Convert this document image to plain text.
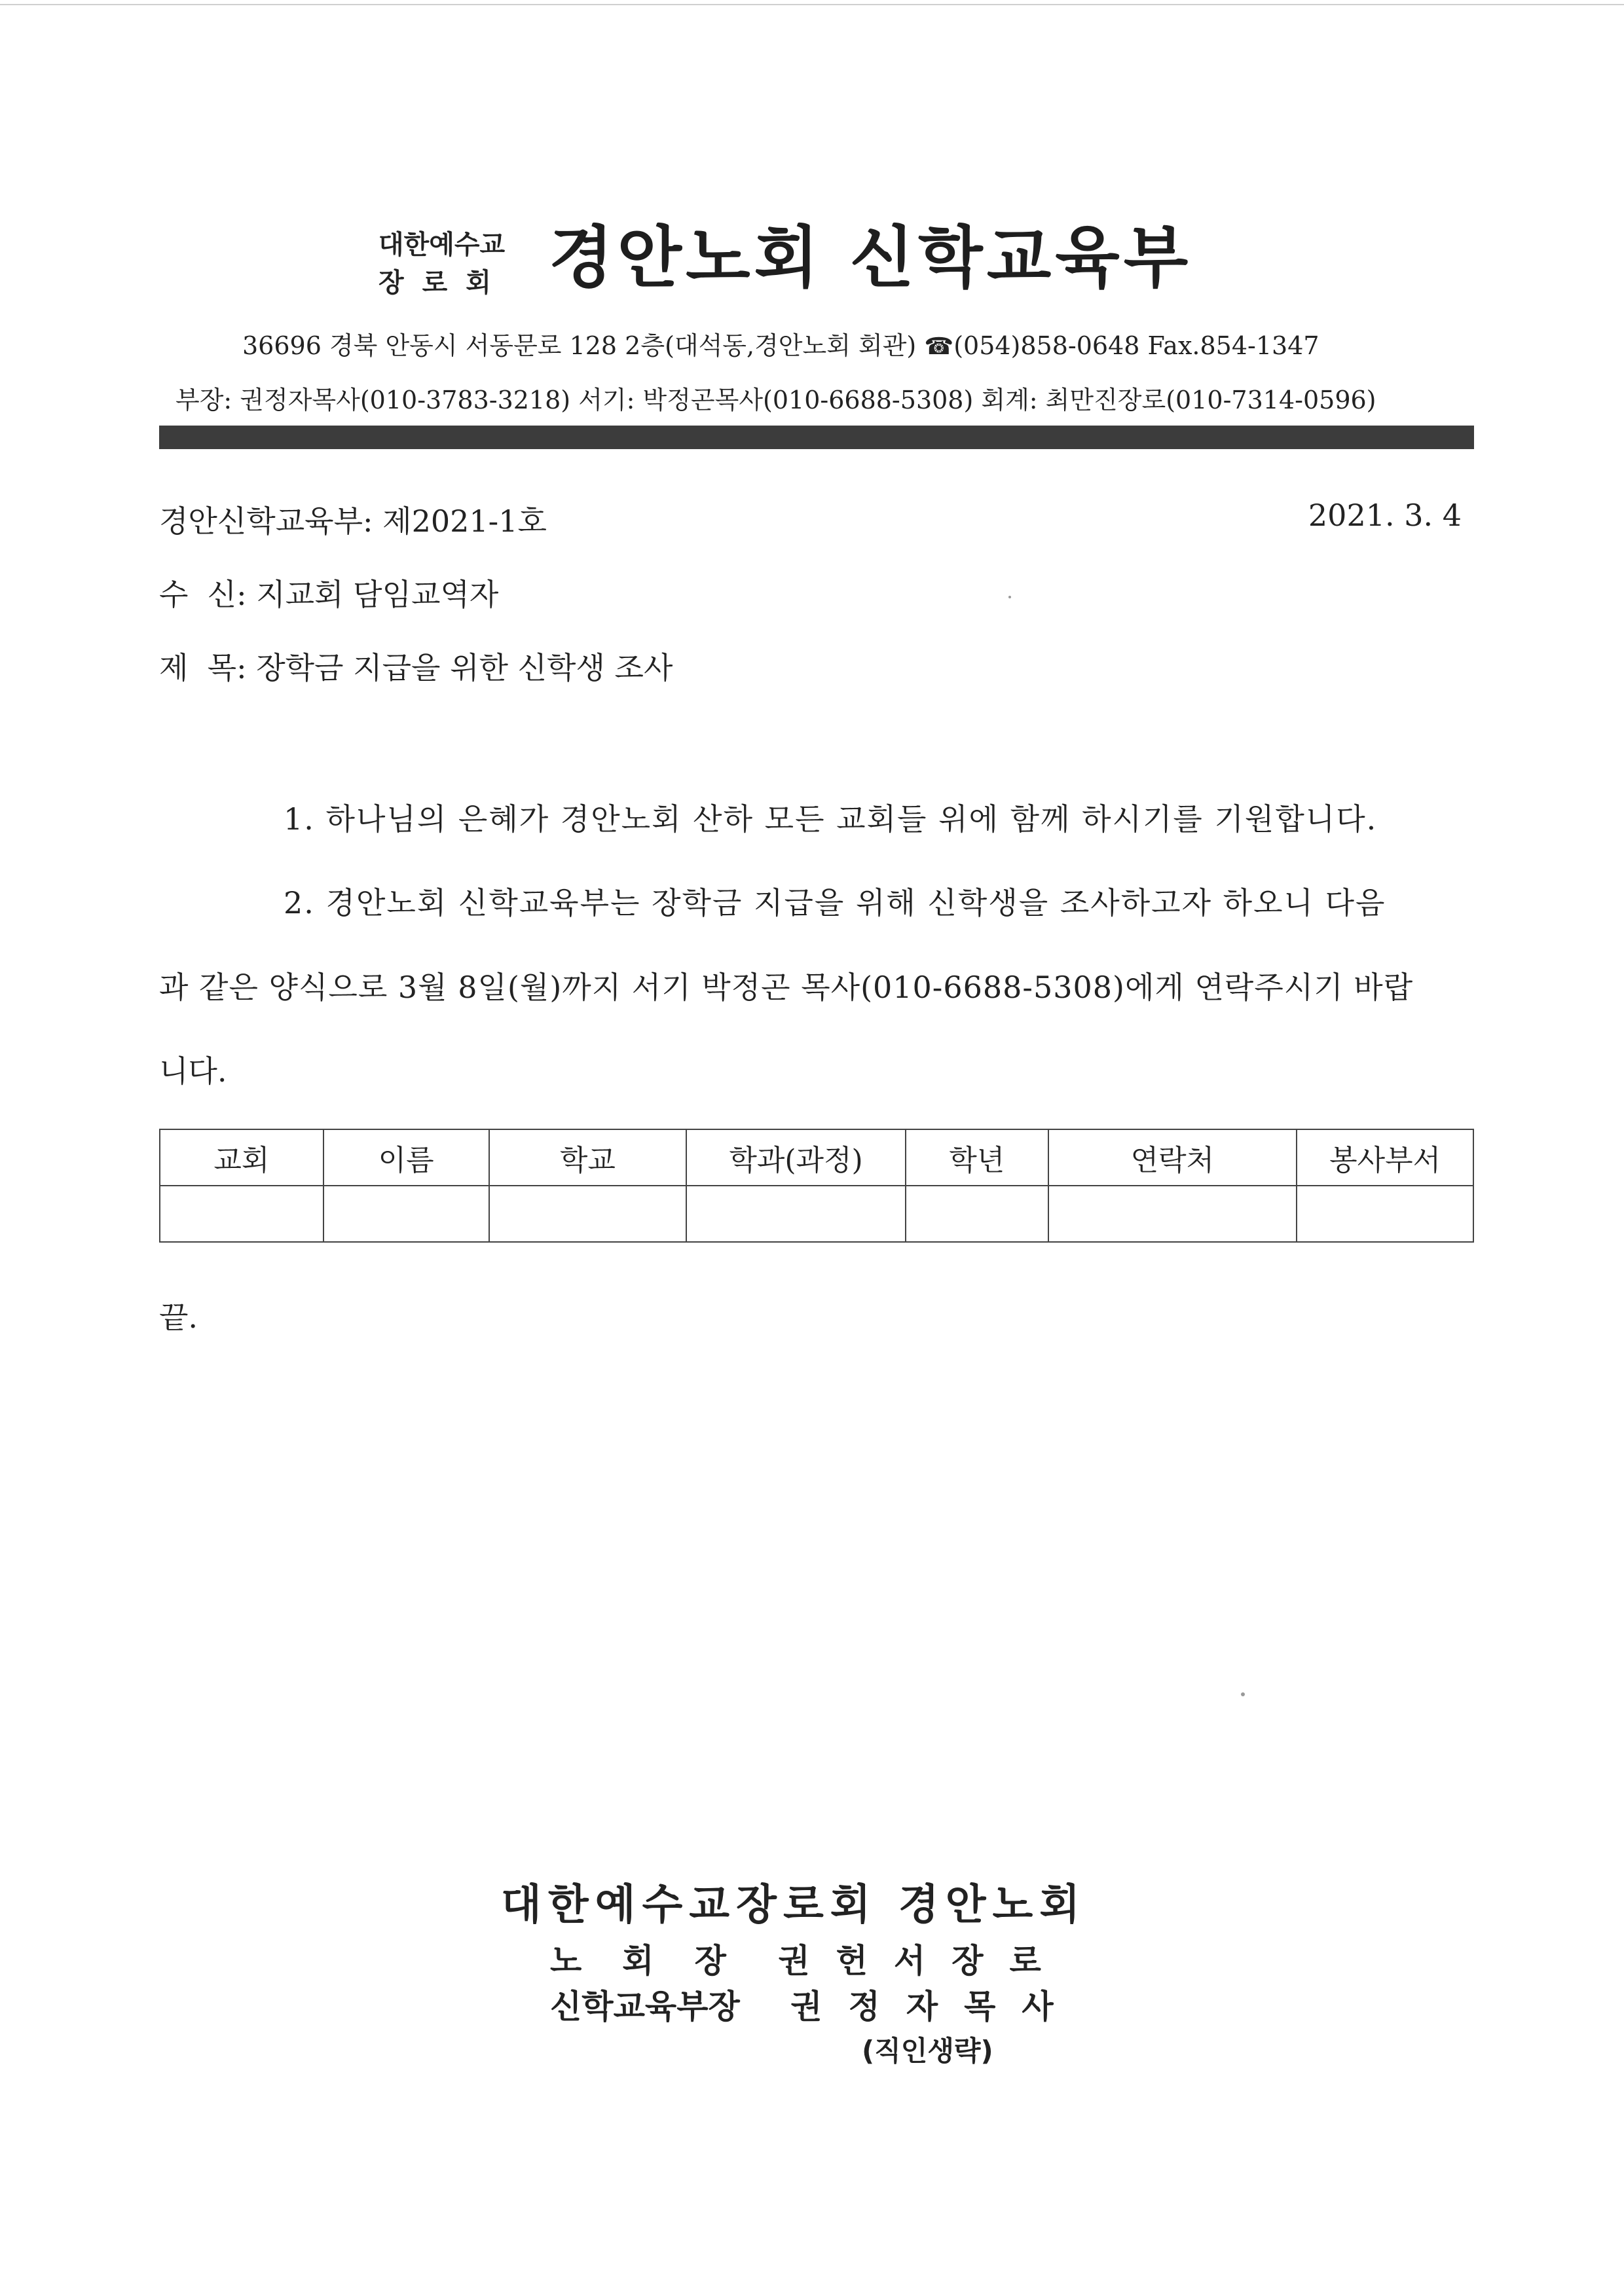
대한예수교
장로회 경안노회 신학교육부
36696 경북 안동시 서동문로 128 2층(대석동,경안노회 회관) ☎(054)858-0648 Fax.854-1347
부장: 권정자목사(010-3783-3218) 서기: 박정곤목사(010-6688-5308) 회계: 최만진장로(010-7314-0596)
경안신학교육부: 제2021-1호	2021. 3. 4
수  신: 지교회 담임교역자
제  목: 장학금 지급을 위한 신학생 조사
1. 하나님의 은혜가 경안노회 산하 모든 교회들 위에 함께 하시기를 기원합니다.
2. 경안노회 신학교육부는 장학금 지급을 위해 신학생을 조사하고자 하오니 다음
과 같은 양식으로 3월 8일(월)까지 서기 박정곤 목사(010-6688-5308)에게 연락주시기 바랍
니다.
교회	이름	학교	학과(과정)	학년	연락처	봉사부서

끝.
대한예수교장로회 경안노회
노회장 권헌서장로
신학교육부장 권정자목사
(직인생략)
